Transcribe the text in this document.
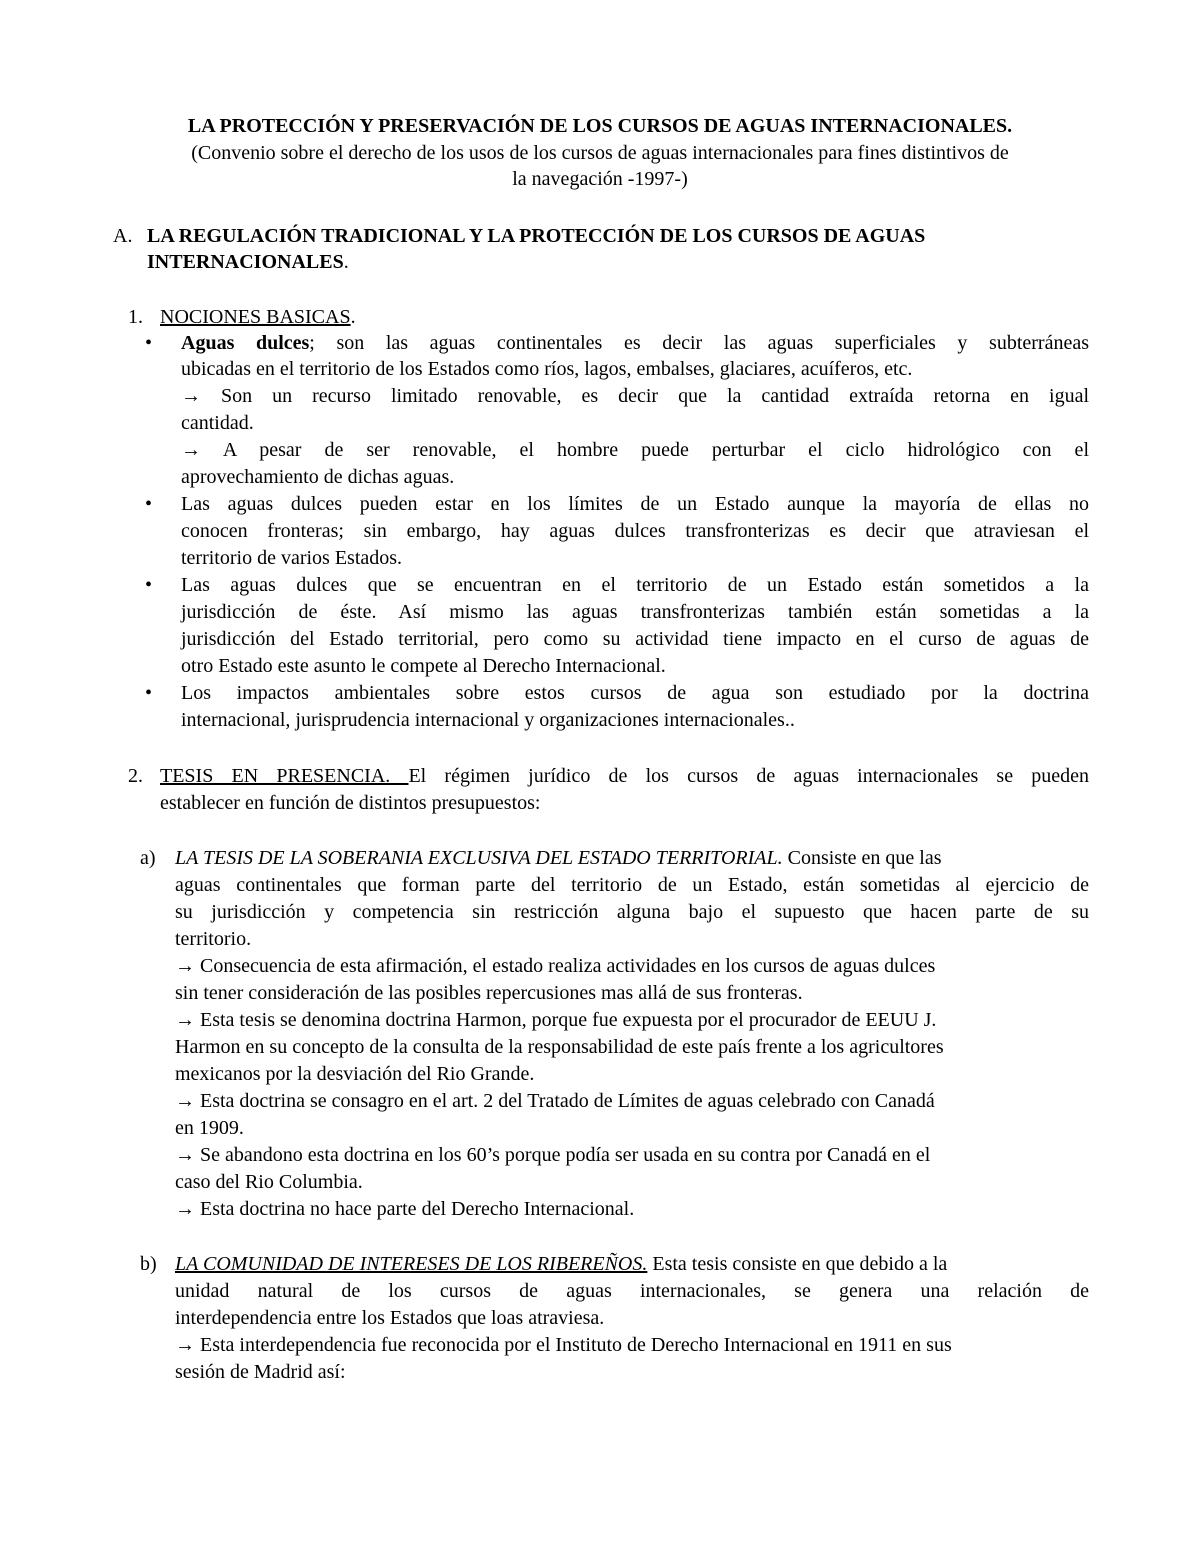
LA PROTECCIÓN Y PRESERVACIÓN DE LOS CURSOS DE AGUAS INTERNACIONALES.
(Convenio sobre el derecho de los usos de los cursos de aguas internacionales para fines distintivos de
la navegación -1997-)
A. LA REGULACIÓN TRADICIONAL Y LA PROTECCIÓN DE LOS CURSOS DE AGUAS
INTERNACIONALES.
1. NOCIONES BASICAS.
• Aguas dulces; son las aguas continentales es decir las aguas superficiales y subterráneas
ubicadas en el territorio de los Estados como ríos, lagos, embalses, glaciares, acuíferos, etc.
→ Son un recurso limitado renovable, es decir que la cantidad extraída retorna en igual
cantidad.
→ A pesar de ser renovable, el hombre puede perturbar el ciclo hidrológico con el
aprovechamiento de dichas aguas.
• Las aguas dulces pueden estar en los límites de un Estado aunque la mayoría de ellas no
conocen fronteras; sin embargo, hay aguas dulces transfronterizas es decir que atraviesan el
territorio de varios Estados.
• Las aguas dulces que se encuentran en el territorio de un Estado están sometidos a la
jurisdicción de éste. Así mismo las aguas transfronterizas también están sometidas a la
jurisdicción del Estado territorial, pero como su actividad tiene impacto en el curso de aguas de
otro Estado este asunto le compete al Derecho Internacional.
• Los impactos ambientales sobre estos cursos de agua son estudiado por la doctrina
internacional, jurisprudencia internacional y organizaciones internacionales..
2. TESIS EN PRESENCIA. El régimen jurídico de los cursos de aguas internacionales se pueden
establecer en función de distintos presupuestos:
a) LA TESIS DE LA SOBERANIA EXCLUSIVA DEL ESTADO TERRITORIAL. Consiste en que las
aguas continentales que forman parte del territorio de un Estado, están sometidas al ejercicio de
su jurisdicción y competencia sin restricción alguna bajo el supuesto que hacen parte de su
territorio.
→ Consecuencia de esta afirmación, el estado realiza actividades en los cursos de aguas dulces
sin tener consideración de las posibles repercusiones mas allá de sus fronteras.
→ Esta tesis se denomina doctrina Harmon, porque fue expuesta por el procurador de EEUU J.
Harmon en su concepto de la consulta de la responsabilidad de este país frente a los agricultores
mexicanos por la desviación del Rio Grande.
→ Esta doctrina se consagro en el art. 2 del Tratado de Límites de aguas celebrado con Canadá
en 1909.
→ Se abandono esta doctrina en los 60’s porque podía ser usada en su contra por Canadá en el
caso del Rio Columbia.
→ Esta doctrina no hace parte del Derecho Internacional.
b) LA COMUNIDAD DE INTERESES DE LOS RIBEREÑOS. Esta tesis consiste en que debido a la
unidad natural de los cursos de aguas internacionales, se genera una relación de
interdependencia entre los Estados que loas atraviesa.
→ Esta interdependencia fue reconocida por el Instituto de Derecho Internacional en 1911 en sus
sesión de Madrid así:
